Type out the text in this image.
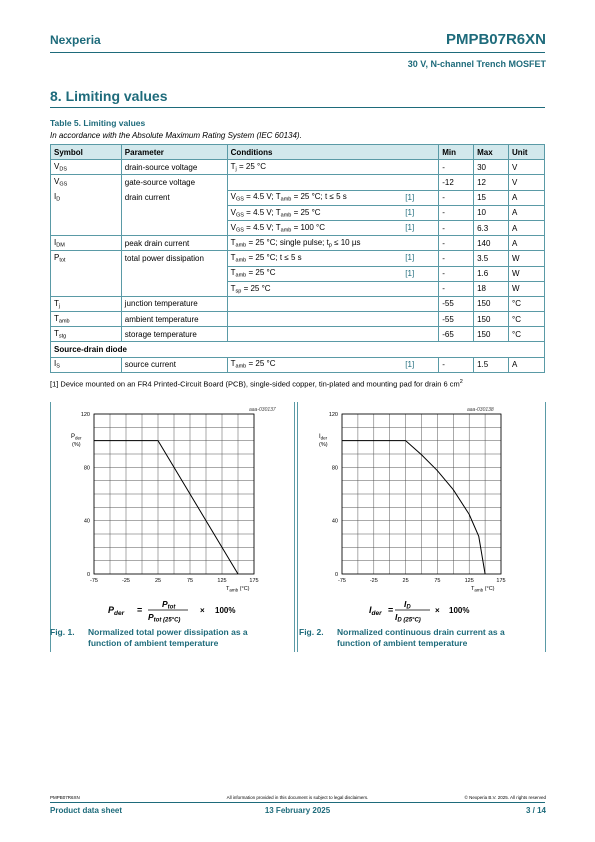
Nexperia	PMPB07R6XN
30 V, N-channel Trench MOSFET
8. Limiting values
Table 5. Limiting values
In accordance with the Absolute Maximum Rating System (IEC 60134).
Symbol	Parameter	Conditions	Min	Max	Unit
$V_{DS}$	drain-source voltage	$T_j = 25$ °C	-	30	V
$V_{GS}$	gate-source voltage		-12	12	V
$I_D$	drain current	$V_{GS} = 4.5$ V; $T_{amb} = 25$ °C; t ≤ 5 s [1]	-	15	A
		$V_{GS} = 4.5$ V; $T_{amb} = 25$ °C [1]	-	10	A
		$V_{GS} = 4.5$ V; $T_{amb} = 100$ °C [1]	-	6.3	A
$I_{DM}$	peak drain current	$T_{amb} = 25$ °C; single pulse; $t_p \le 10$ µs	-	140	A
$P_{tot}$	total power dissipation	$T_{amb} = 25$ °C; t ≤ 5 s [1]	-	3.5	W
		$T_{amb} = 25$ °C [1]	-	1.6	W
		$T_{sp} = 25$ °C	-	18	W
$T_j$	junction temperature		-55	150	°C
$T_{amb}$	ambient temperature		-55	150	°C
$T_{stg}$	storage temperature		-65	150	°C
Source-drain diode					
$I_S$	source current	$T_{amb} = 25$ °C [1]	-	1.5	A
[1] Device mounted on an FR4 Printed-Circuit Board (PCB), single-sided copper, tin-plated and mounting pad for drain 6 $cm^2$
-75	-25	25	75	125	175
0
40
80
120
aaa-030137
$P_{der}$
(%)
$T_{amb}$ (°C)
$P_{der}$ =
Ptot
Ptot (25°C)
× 100%
-75	-25	25	75	125	175
0
40
80
120
aaa-030138
$I_{der}$
(%)
$T_{amb}$ (°C)
$I_{der}$ =
ID
ID (25°C)
× 100%
Fig. 1. Normalized total power dissipation as a
function of ambient temperature
Fig. 2. Normalized continuous drain current as a
function of ambient temperature
PMPB07R6XN	All information provided in this document is subject to legal disclaimers.	© Nexperia B.V. 2025. All rights reserved
Product data sheet	13 February 2025	3 / 14
